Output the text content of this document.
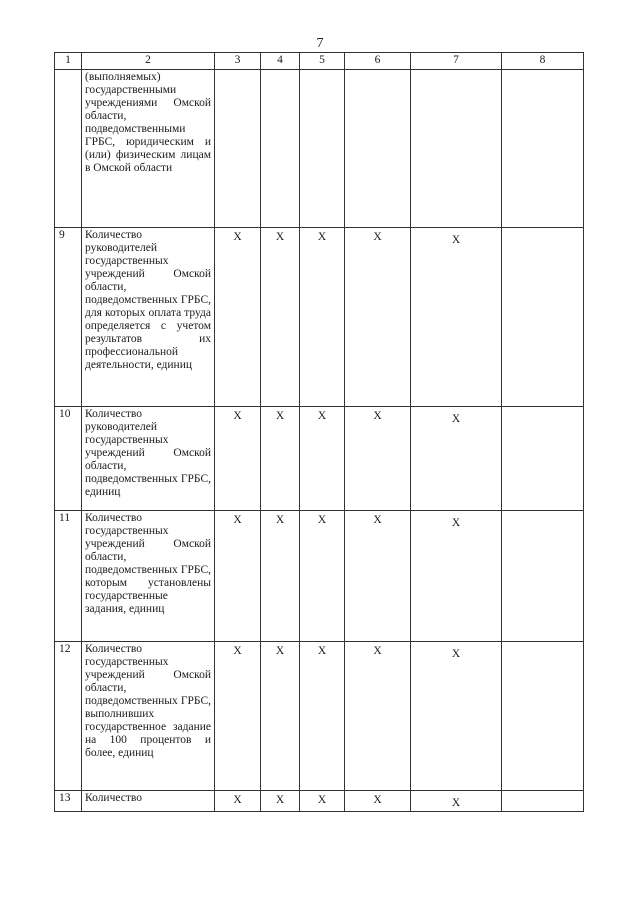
7
1	2	3	4	5	6	7	8
	(выполняемых) государственными учреждениями Омской области, подведомственными ГРБС, юридическим и (или) физическим лицам в Омской области						
9	Количество руководителей государственных учреждений Омской области, подведомственных ГРБС, для которых оплата труда определяется с учетом результатов их профессиональной деятельности, единиц	X	X	X	X	X	
10	Количество руководителей государственных учреждений Омской области, подведомственных ГРБС, единиц	X	X	X	X	X	
11	Количество государственных учреждений Омской области, подведомственных ГРБС, которым установлены государственные задания, единиц	X	X	X	X	X	
12	Количество государственных учреждений Омской области, подведомственных ГРБС, выполнивших государственное задание на 100 процентов и более, единиц	X	X	X	X	X	
13	Количество	X	X	X	X	X	
